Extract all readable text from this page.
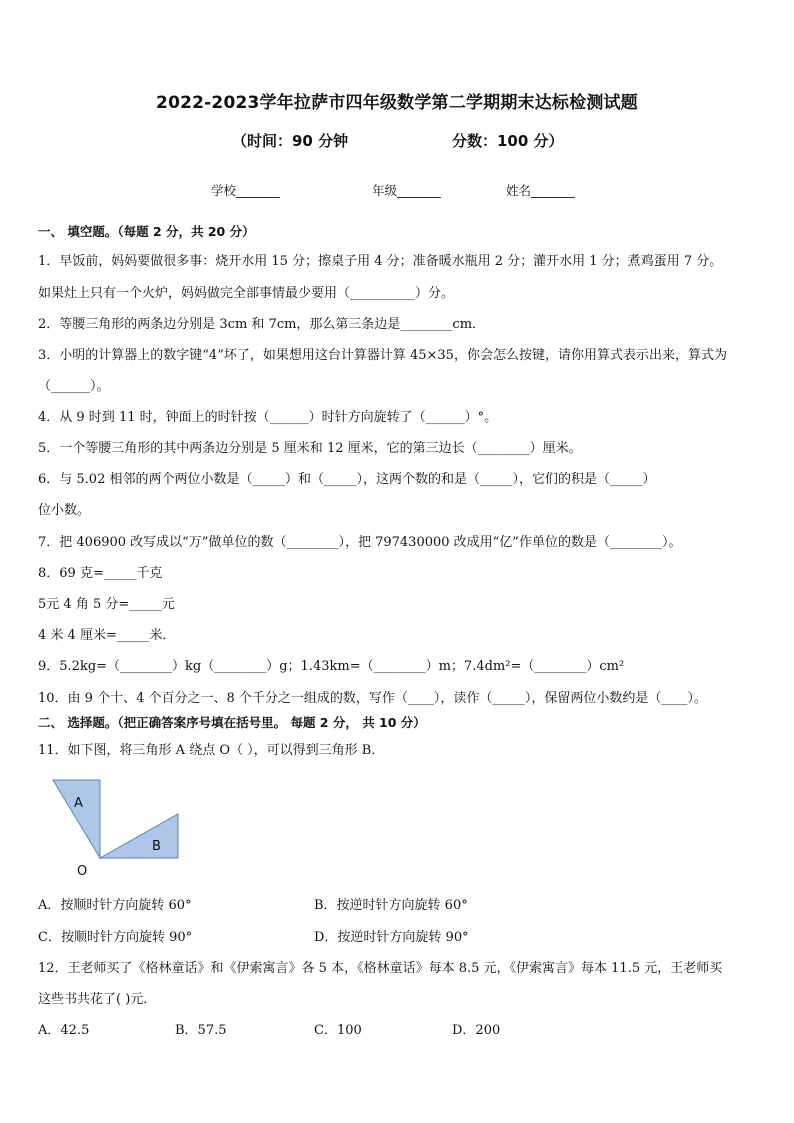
2022-2023学年拉萨市四年级数学第二学期期末达标检测试题
（时间：90 分钟	分数：100 分）
学校_______	年级_______	姓名_______
一、 填空题。（每题 2 分，共 20 分）
1．早饭前，妈妈要做很多事：烧开水用 15 分；擦桌子用 4 分；准备暖水瓶用 2 分；灌开水用 1 分；煮鸡蛋用 7 分。
如果灶上只有一个火炉，妈妈做完全部事情最少要用（__________）分。
2．等腰三角形的两条边分别是 3cm 和 7cm，那么第三条边是________cm．
3．小明的计算器上的数字键“4”坏了，如果想用这台计算器计算 45×35，你会怎么按键，请你用算式表示出来，算式为
（______）。
4．从 9 时到 11 时，钟面上的时针按（______）时针方向旋转了（______）°。
5．一个等腰三角形的其中两条边分别是 5 厘米和 12 厘米，它的第三边长（________）厘米。
6．与 5.02 相邻的两个两位小数是（_____）和（_____），这两个数的和是（_____），它们的积是（_____）
位小数。
7．把 406900 改写成以“万”做单位的数（________），把 797430000 改成用“亿”作单位的数是（________）。
8．69 克=_____千克
5元 4 角 5 分=_____元
4 米 4 厘米=_____米．
9．5.2kg=（________）kg（________）g；1.43km=（________）m；7.4dm²=（________）cm²
10．由 9 个十、4 个百分之一、8 个千分之一组成的数，写作（____），读作（_____），保留两位小数约是（____）。
二、 选择题。（把正确答案序号填在括号里。 每题 2 分， 共 10 分）
11．如下图，将三角形 A 绕点 O（ ），可以得到三角形 B．
A
B
O
A．按顺时针方向旋转 60°	B．按逆时针方向旋转 60°
C．按顺时针方向旋转 90°	D．按逆时针方向旋转 90°
12．王老师买了《格林童话》和《伊索寓言》各 5 本，《格林童话》每本 8.5 元，《伊索寓言》每本 11.5 元，王老师买
这些书共花了( )元．
A．42.5	B．57.5	C．100	D．200
